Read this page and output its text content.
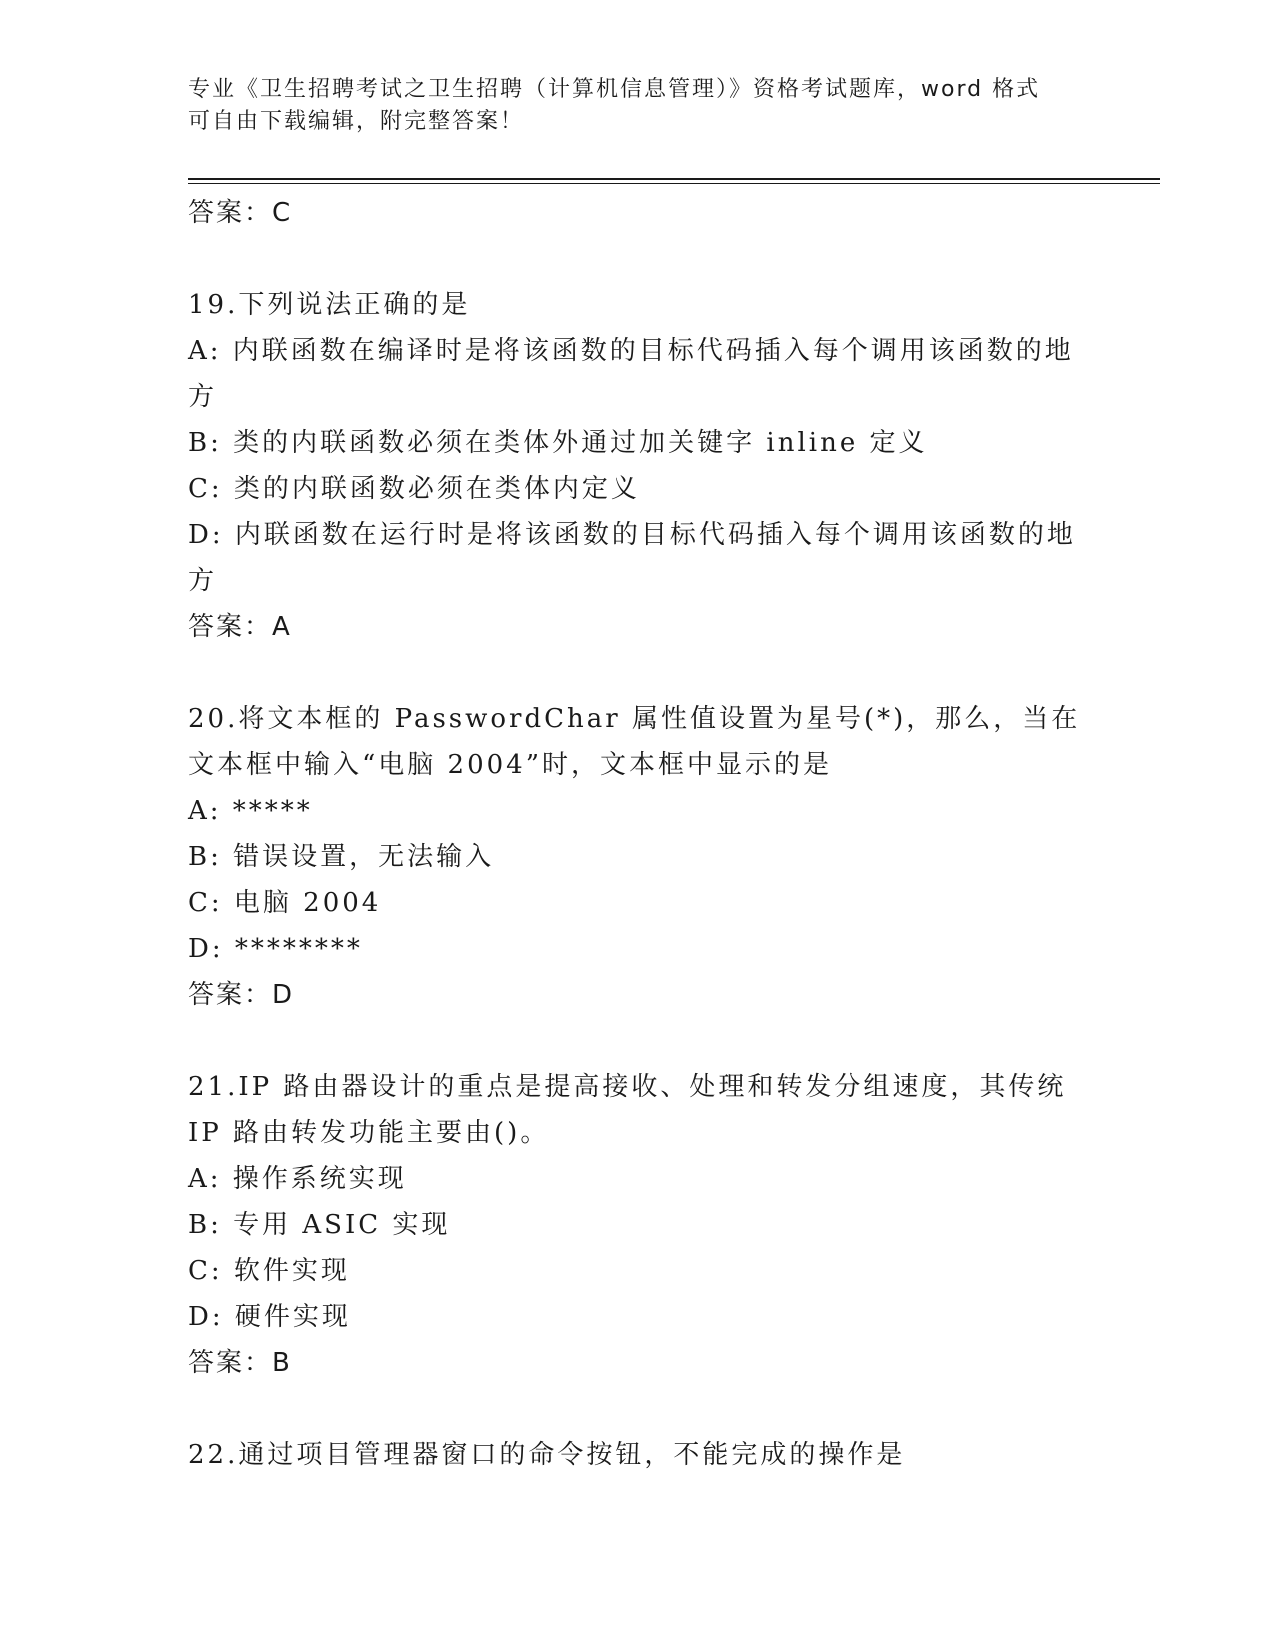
专业《卫生招聘考试之卫生招聘（计算机信息管理）》资格考试题库，word 格式
可自由下载编辑，附完整答案！
答案：C
19.下列说法正确的是
A: 内联函数在编译时是将该函数的目标代码插入每个调用该函数的地方
B: 类的内联函数必须在类体外通过加关键字 inline 定义
C: 类的内联函数必须在类体内定义
D: 内联函数在运行时是将该函数的目标代码插入每个调用该函数的地方
答案：A
20.将文本框的 PasswordChar 属性值设置为星号(*)，那么，当在文本框中输入“电脑 2004”时，文本框中显示的是
A: *****
B: 错误设置，无法输入
C: 电脑 2004
D: ********
答案：D
21.IP 路由器设计的重点是提高接收、处理和转发分组速度，其传统 IP 路由转发功能主要由()。
A: 操作系统实现
B: 专用 ASIC 实现
C: 软件实现
D: 硬件实现
答案：B
22.通过项目管理器窗口的命令按钮，不能完成的操作是
